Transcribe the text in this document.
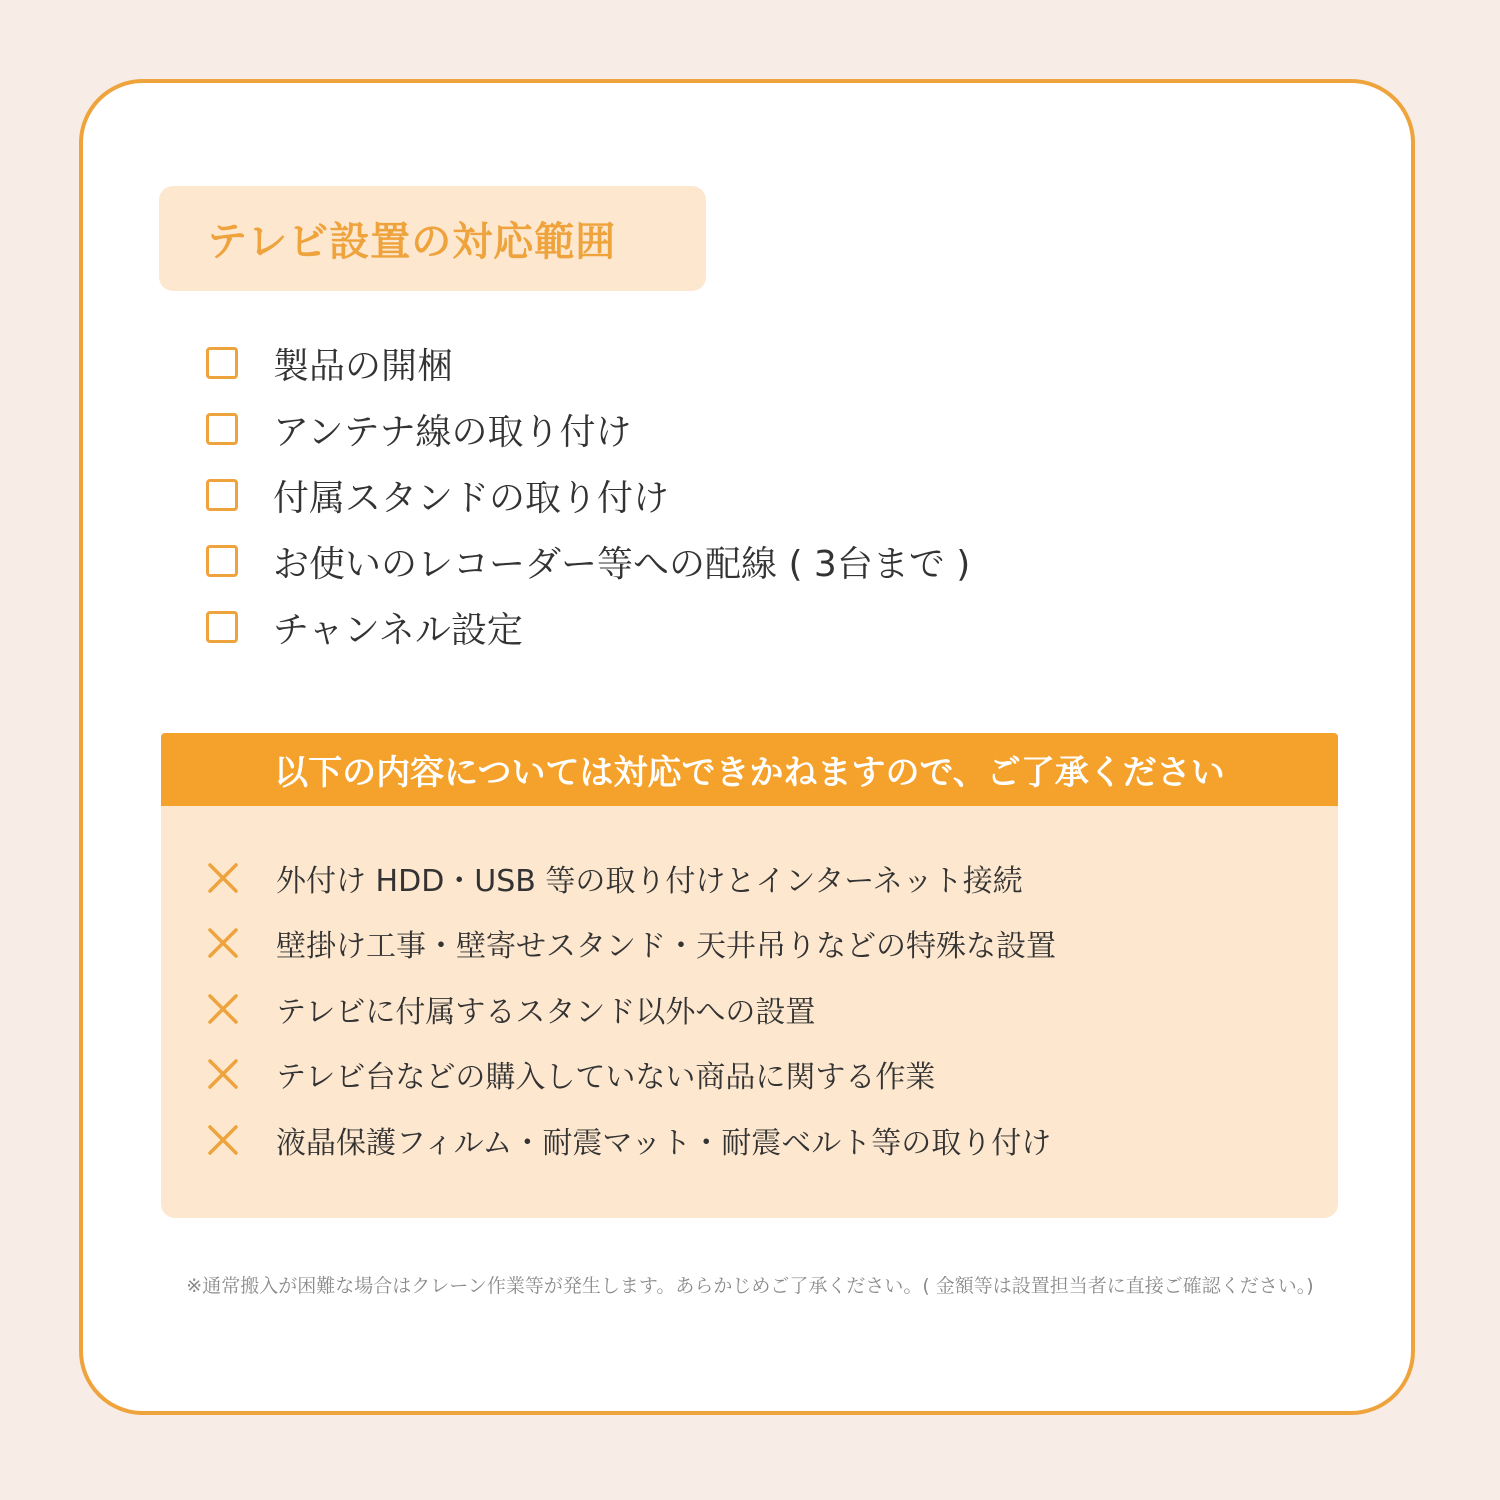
テレビ設置の対応範囲
製品の開梱
アンテナ線の取り付け
付属スタンドの取り付け
お使いのレコーダー等への配線 ( 3台まで )
チャンネル設定
以下の内容については対応できかねますので、ご了承ください
外付け HDD・USB 等の取り付けとインターネット接続
壁掛け工事・壁寄せスタンド・天井吊りなどの特殊な設置
テレビに付属するスタンド以外への設置
テレビ台などの購入していない商品に関する作業
液晶保護フィルム・耐震マット・耐震ベルト等の取り付け
※通常搬入が困難な場合はクレーン作業等が発生します。あらかじめご了承ください。( 金額等は設置担当者に直接ご確認ください。)
